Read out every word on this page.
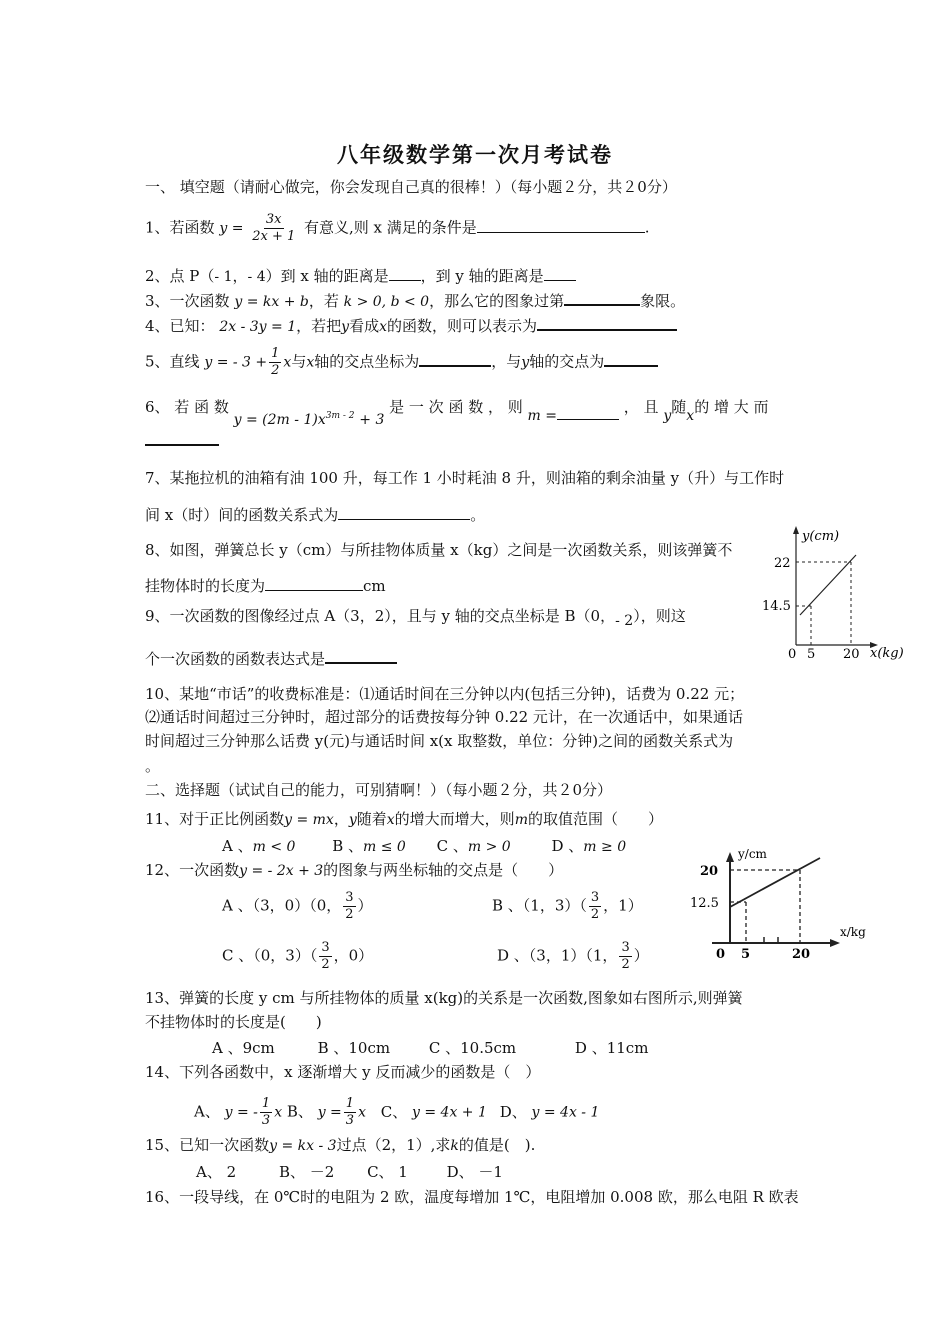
八年级数学第一次月考试卷
一、 填空题（请耐心做完，你会发现自己真的很棒！）（每小题２分，共２0分）
1、若函数 $y = \frac{3x}{2x + 1}$ 有意义,则 x 满足的条件是	.
2、点 P（- 1，- 4）到 x 轴的距离是 ，到 y 轴的距离是
3、一次函数 y = kx + b，若 k > 0, b < 0，那么它的图象过第	象限。
4、已知： 2x - 3y = 1，若把y看成x的函数，则可以表示为
5、直线 y = - $3 + \frac{1}{2}$ x与x轴的交点坐标为	，与y轴的交点为
6、 若 函 数 $y = (2m - 1)x^{3m - 2} + 3$ 是 一 次 函 数 ， 则 m =	， 且 y随x的 增 大 而
7、某拖拉机的油箱有油 100 升，每工作 1 小时耗油 8 升，则油箱的剩余油量 y（升）与工作时
间 x（时）间的函数关系式为	。
8、如图，弹簧总长 y（cm）与所挂物体质量 x（kg）之间是一次函数关系，则该弹簧不
挂物体时的长度为	cm
9、一次函数的图像经过点 A（3，2），且与 y 轴的交点坐标是 B（0，- 2），则这
个一次函数的函数表达式是
10、某地“市话”的收费标准是：⑴通话时间在三分钟以内(包括三分钟)，话费为 0.22 元；
⑵通话时间超过三分钟时，超过部分的话费按每分钟 0.22 元计，在一次通话中，如果通话
时间超过三分钟那么话费 y(元)与通话时间 x(x 取整数，单位：分钟)之间的函数关系式为
。
二、选择题（试试自己的能力，可别猜啊！）（每小题２分，共２0分）
11、对于正比例函数y = mx，y随着x的增大而增大，则m的取值范围（　　）
A 、m < 0 B 、m ≤ 0 C 、m > 0	D 、m ≥ 0
12、一次函数y = - 2x + 3的图象与两坐标轴的交点是（　　）
A 、（3，0）（0， $\frac{3}{2}$ ）	B 、（1，$3)( \frac{3}{2}$ ，1）
C 、（0，$3)( \frac{3}{2}$ ，0）	D 、（3，1）（1， $\frac{3}{2}$ ）
13、弹簧的长度 y cm 与所挂物体的质量 x(kg)的关系是一次函数,图象如右图所示,则弹簧
不挂物体时的长度是(　　)
A 、9cm	B 、10cm	C 、10.5cm	D 、11cm
14、下列各函数中，x 逐渐增大 y 反而减少的函数是（　）
A、 y = - $\frac{1}{3}$ x B、 $y = \frac{1}{3}$ x C、 y = 4x + 1 D、 y = 4x - 1
15、已知一次函数y = kx - 3过点（2，1）,求k的值是(　).
A、 2	B、 －2 C、 1	D、 －1
16、一段导线，在 0℃时的电阻为 2 欧，温度每增加 1℃，电阻增加 0.008 欧，那么电阻 R 欧表
y(cm)
x(kg)
22
14.5
0 5 20
y/cm
x/kg
20
12.5
0 5	20
